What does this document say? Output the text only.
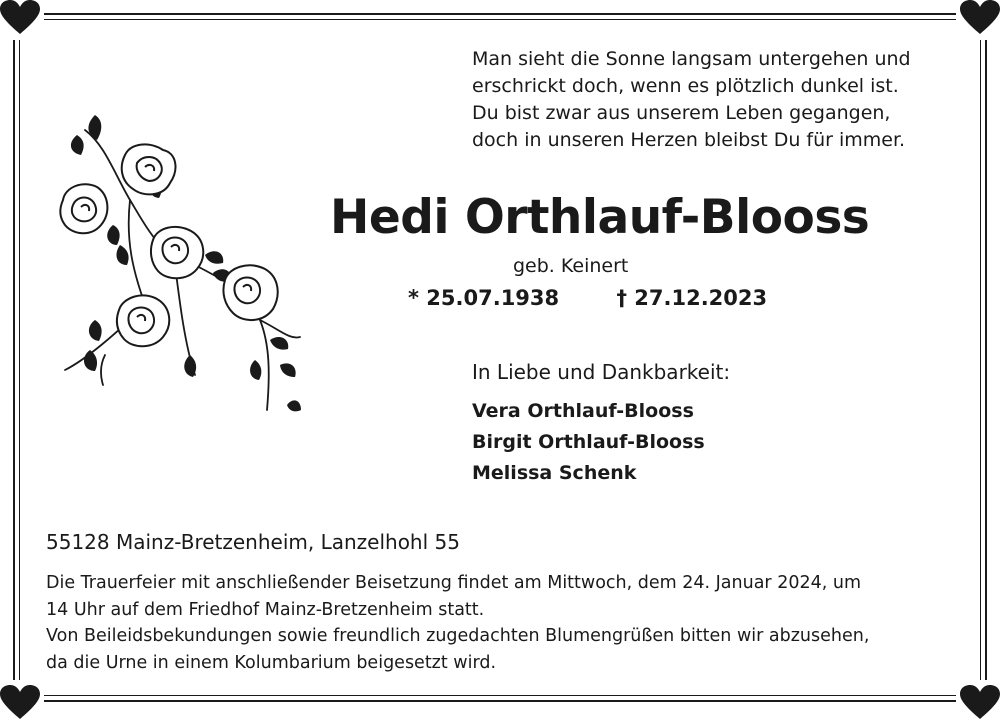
Man sieht die Sonne langsam untergehen und
erschrickt doch, wenn es plötzlich dunkel ist.
Du bist zwar aus unserem Leben gegangen,
doch in unseren Herzen bleibst Du für immer.
Hedi Orthlauf-Blooss
geb. Keinert
* 25.07.1938	† 27.12.2023
In Liebe und Dankbarkeit:
Vera Orthlauf-Blooss
Birgit Orthlauf-Blooss
Melissa Schenk
55128 Mainz-Bretzenheim, Lanzelhohl 55
Die Trauerfeier mit anschließender Beisetzung findet am Mittwoch, dem 24. Januar 2024, um
14 Uhr auf dem Friedhof Mainz-Bretzenheim statt.
Von Beileidsbekundungen sowie freundlich zugedachten Blumengrüßen bitten wir abzusehen,
da die Urne in einem Kolumbarium beigesetzt wird.
